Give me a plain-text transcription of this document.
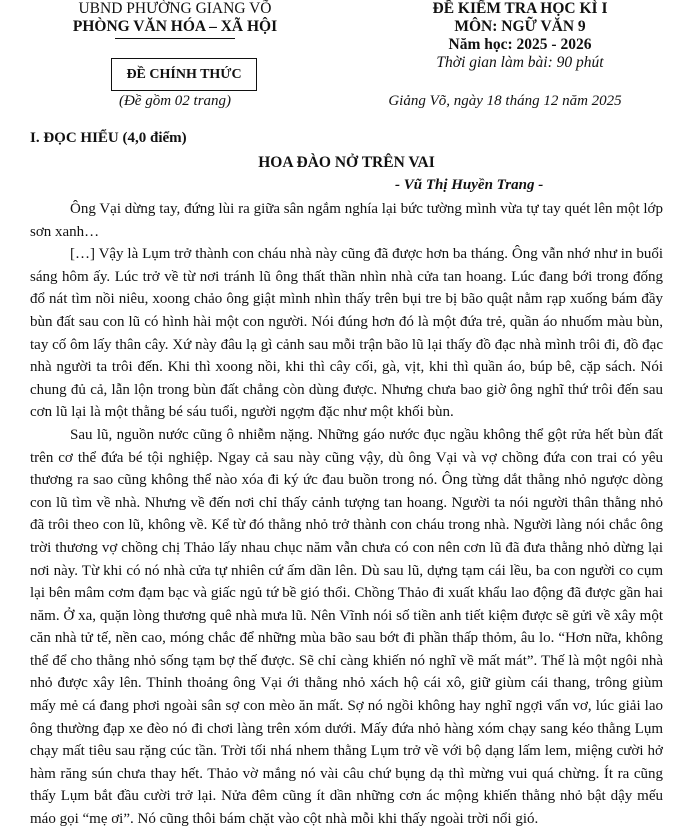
UBND PHƯỜNG GIANG VÕ
PHÒNG VĂN HÓA – XÃ HỘI
ĐỀ CHÍNH THỨC
(Đề gồm 02 trang)
ĐỀ KIỂM TRA HỌC KÌ I
MÔN: NGỮ VĂN 9
Năm học: 2025 - 2026
Thời gian làm bài: 90 phút
Giảng Võ, ngày 18 tháng 12 năm 2025
I. ĐỌC HIỂU (4,0 điểm)
HOA ĐÀO NỞ TRÊN VAI
- Vũ Thị Huyền Trang -

Ông Vại dừng tay, đứng lùi ra giữa sân ngắm nghía lại bức tường mình vừa tự tay quét lên một lớp sơn xanh…

[…] Vậy là Lụm trở thành con cháu nhà này cũng đã được hơn ba tháng. Ông vẫn nhớ như in buổi sáng hôm ấy. Lúc trở về từ nơi tránh lũ ông thất thần nhìn nhà cửa tan hoang. Lúc đang bới trong đống đổ nát tìm nồi niêu, xoong chảo ông giật mình nhìn thấy trên bụi tre bị bão quật nằm rạp xuống bám đầy bùn đất sau con lũ có hình hài một con người. Nói đúng hơn đó là một đứa trẻ, quần áo nhuốm màu bùn, tay cố ôm lấy thân cây. Xứ này đâu lạ gì cảnh sau mỗi trận bão lũ lại thấy đồ đạc nhà mình trôi đi, đồ đạc nhà người ta trôi đến. Khi thì xoong nồi, khi thì cây cối, gà, vịt, khi thì quần áo, búp bê, cặp sách. Nói chung đủ cả, lẫn lộn trong bùn đất chẳng còn dùng được. Nhưng chưa bao giờ ông nghĩ thứ trôi đến sau cơn lũ lại là một thằng bé sáu tuổi, người ngợm đặc như một khối bùn.

Sau lũ, nguồn nước cũng ô nhiễm nặng. Những gáo nước đục ngầu không thể gột rửa hết bùn đất trên cơ thể đứa bé tội nghiệp. Ngay cả sau này cũng vậy, dù ông Vại và vợ chồng đứa con trai có yêu thương ra sao cũng không thể nào xóa đi ký ức đau buồn trong nó. Ông từng dắt thằng nhỏ ngược dòng con lũ tìm về nhà. Nhưng về đến nơi chỉ thấy cảnh tượng tan hoang. Người ta nói người thân thằng nhỏ đã trôi theo con lũ, không về. Kể từ đó thằng nhỏ trở thành con cháu trong nhà. Người làng nói chắc ông trời thương vợ chồng chị Thảo lấy nhau chục năm vẫn chưa có con nên cơn lũ đã đưa thằng nhỏ dừng lại nơi này. Từ khi có nó nhà cửa tự nhiên cứ ấm dần lên. Dù sau lũ, dựng tạm cái lều, ba con người co cụm lại bên mâm cơm đạm bạc và giấc ngủ tứ bề gió thổi. Chồng Thảo đi xuất khẩu lao động đã được gần hai năm. Ở xa, quặn lòng thương quê nhà mưa lũ. Nên Vĩnh nói số tiền anh tiết kiệm được sẽ gửi về xây một căn nhà tử tế, nền cao, móng chắc để những mùa bão sau bớt đi phần thấp thỏm, âu lo. “Hơn nữa, không thể để cho thằng nhỏ sống tạm bợ thế được. Sẽ chỉ càng khiến nó nghĩ về mất mát”. Thế là một ngôi nhà nhỏ được xây lên. Thỉnh thoảng ông Vại ới thằng nhỏ xách hộ cái xô, giữ giùm cái thang, trông giùm mấy mẻ cá đang phơi ngoài sân sợ con mèo ăn mất. Sợ nó ngồi không hay nghĩ ngợi vẩn vơ, lúc giải lao ông thường đạp xe đèo nó đi chơi làng trên xóm dưới. Mấy đứa nhỏ hàng xóm chạy sang kéo thằng Lụm chạy mất tiêu sau rặng cúc tần. Trời tối nhá nhem thằng Lụm trở về với bộ dạng lấm lem, miệng cười hở hàm răng sún chưa thay hết. Thảo vờ mắng nó vài câu chứ bụng dạ thì mừng vui quá chừng. Ít ra cũng thấy Lụm bắt đầu cười trở lại. Nửa đêm cũng ít dần những cơn ác mộng khiến thằng nhỏ bật dậy mếu máo gọi “mẹ ơi”. Nó cũng thôi bám chặt vào cột nhà mỗi khi thấy ngoài trời nổi gió.
